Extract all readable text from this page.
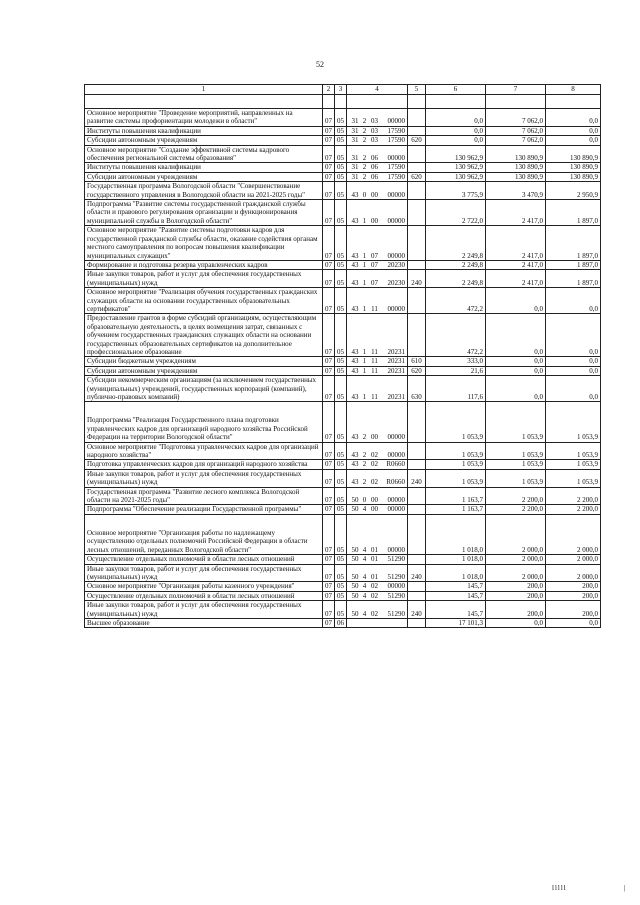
52
1	2	3	4				5	6	7	8

Основное мероприятие "Проведение мероприятий, направленных на развитие системы профориентации молодежи в области"	07	05	31	2	03	00000		0,0	7 062,0	0,0
Институты повышения квалификации	07	05	31	2	03	17590		0,0	7 062,0	0,0
Субсидии автономным учреждениям	07	05	31	2	03	17590	620	0,0	7 062,0	0,0
Основное мероприятие "Создание эффективной системы кадрового обеспечения региональной системы образования"	07	05	31	2	06	00000		130 962,9	130 890,9	130 890,9
Институты повышения квалификации	07	05	31	2	06	17590		130 962,9	130 890,9	130 890,9
Субсидии автономным учреждениям	07	05	31	2	06	17590	620	130 962,9	130 890,9	130 890,9
Государственная программа Вологодской области "Совершенствование государственного управления в Вологодской области на 2021-2025 годы"	07	05	43	0	00	00000		3 775,9	3 470,9	2 950,9
Подпрограмма "Развитие системы государственной гражданской службы области и правового регулирования организации и функционирования муниципальной службы в Вологодской области"	07	05	43	1	00	00000		2 722,0	2 417,0	1 897,0
Основное мероприятие "Развитие системы подготовки кадров для государственной гражданской службы области, оказание содействия органам местного самоуправления по вопросам повышения квалификации муниципальных служащих"	07	05	43	1	07	00000		2 249,8	2 417,0	1 897,0
Формирование и подготовка резерва управленческих кадров	07	05	43	1	07	20230		2 249,8	2 417,0	1 897,0
Иные закупки товаров, работ и услуг для обеспечения государственных (муниципальных) нужд	07	05	43	1	07	20230	240	2 249,8	2 417,0	1 897,0
Основное мероприятие "Реализация обучения государственных гражданских служащих области на основании государственных образовательных сертификатов"	07	05	43	1	11	00000		472,2	0,0	0,0
Предоставление грантов в форме субсидий организациям, осуществляющим образовательную деятельность, в целях возмещения затрат, связанных с обучением государственных гражданских служащих области на основании государственных образовательных сертификатов на дополнительное профессиональное образование	07	05	43	1	11	20231		472,2	0,0	0,0
Субсидии бюджетным учреждениям	07	05	43	1	11	20231	610	333,0	0,0	0,0
Субсидии автономным учреждениям	07	05	43	1	11	20231	620	21,6	0,0	0,0
Субсидии некоммерческим организациям (за исключением государственных (муниципальных) учреждений, государственных корпораций (компаний), публично-правовых компаний)	07	05	43	1	11	20231	630	117,6	0,0	0,0
Подпрограмма "Реализация Государственного плана подготовки управленческих кадров для организаций народного хозяйства Российской Федерации на территории Вологодской области"	07	05	43	2	00	00000		1 053,9	1 053,9	1 053,9
Основное мероприятие "Подготовка управленческих кадров для организаций народного хозяйства"	07	05	43	2	02	00000		1 053,9	1 053,9	1 053,9
Подготовка управленческих кадров для организаций народного хозяйства	07	05	43	2	02	R0660		1 053,9	1 053,9	1 053,9
Иные закупки товаров, работ и услуг для обеспечения государственных (муниципальных) нужд	07	05	43	2	02	R0660	240	1 053,9	1 053,9	1 053,9
Государственная программа "Развитие лесного комплекса Вологодской области на 2021-2025 годы"	07	05	50	0	00	00000		1 163,7	2 200,0	2 200,0
Подпрограмма "Обеспечение реализации Государственной программы"	07	05	50	4	00	00000		1 163,7	2 200,0	2 200,0
Основное мероприятие "Организация работы по надлежащему осуществлению отдельных полномочий Российской Федерации в области лесных отношений, переданных Вологодской области"	07	05	50	4	01	00000		1 018,0	2 000,0	2 000,0
Осуществление отдельных полномочий в области лесных отношений	07	05	50	4	01	51290		1 018,0	2 000,0	2 000,0
Иные закупки товаров, работ и услуг для обеспечения государственных (муниципальных) нужд	07	05	50	4	01	51290	240	1 018,0	2 000,0	2 000,0
Основное мероприятие "Организация работы казенного учреждения"	07	05	50	4	02	00000		145,7	200,0	200,0
Осуществление отдельных полномочий в области лесных отношений	07	05	50	4	02	51290		145,7	200,0	200,0
Иные закупки товаров, работ и услуг для обеспечения государственных (муниципальных) нужд	07	05	50	4	02	51290	240	145,7	200,0	200,0
Высшее образование	07	06						17 101,3	0,0	0,0
lllll	|
